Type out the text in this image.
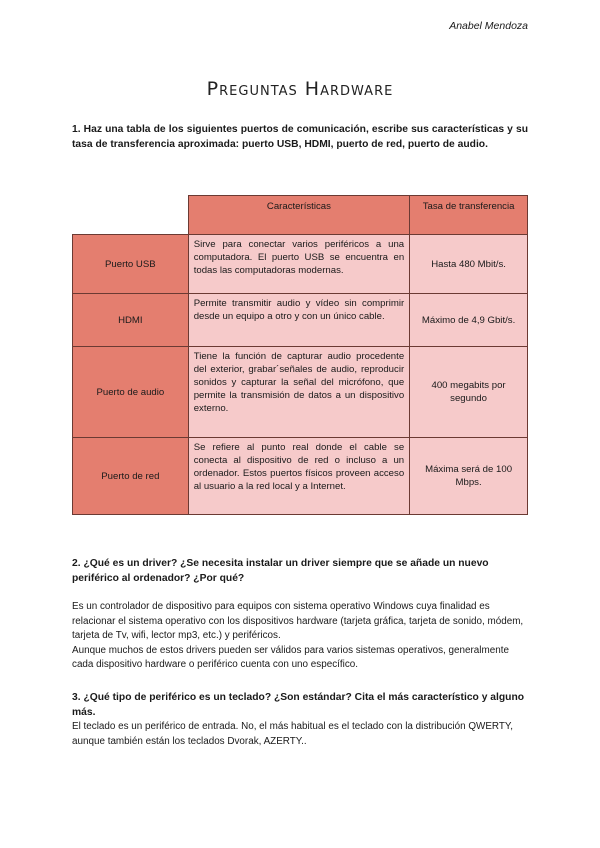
Anabel Mendoza
Preguntas Hardware
1. Haz una tabla de los siguientes puertos de comunicación, escribe sus características y su tasa de transferencia aproximada: puerto USB, HDMI, puerto de red, puerto de audio.
	Características	Tasa de transferencia
Puerto USB	Sirve para conectar varios periféricos a una computadora. El puerto USB se encuentra en todas las computadoras modernas.	Hasta 480 Mbit/s.
HDMI	Permite transmitir audio y vídeo sin comprimir desde un equipo a otro y con un único cable.	Máximo de 4,9 Gbit/s.
Puerto de audio	Tiene la función de capturar audio procedente del exterior, grabar´señales de audio, reproducir sonidos y capturar la señal del micrófono, que permite la transmisión de datos a un dispositivo externo.	400 megabits por segundo
Puerto de red	Se refiere al punto real donde el cable se conecta al dispositivo de red o incluso a un ordenador. Estos puertos físicos proveen acceso al usuario a la red local y a Internet.	Máxima será de 100 Mbps.
2. ¿Qué es un driver? ¿Se necesita instalar un driver siempre que se añade un nuevo periférico al ordenador? ¿Por qué?
Es un controlador de dispositivo para equipos con sistema operativo Windows cuya finalidad es relacionar el sistema operativo con los dispositivos hardware (tarjeta gráfica, tarjeta de sonido, módem, tarjeta de Tv, wifi, lector mp3, etc.) y periféricos.
Aunque muchos de estos drivers pueden ser válidos para varios sistemas operativos, generalmente cada dispositivo hardware o periférico cuenta con uno específico.
3. ¿Qué tipo de periférico es un teclado? ¿Son estándar? Cita el más característico y alguno más.
El teclado es un periférico de entrada. No, el más habitual es el teclado con la distribución QWERTY, aunque también están los teclados Dvorak, AZERTY..
